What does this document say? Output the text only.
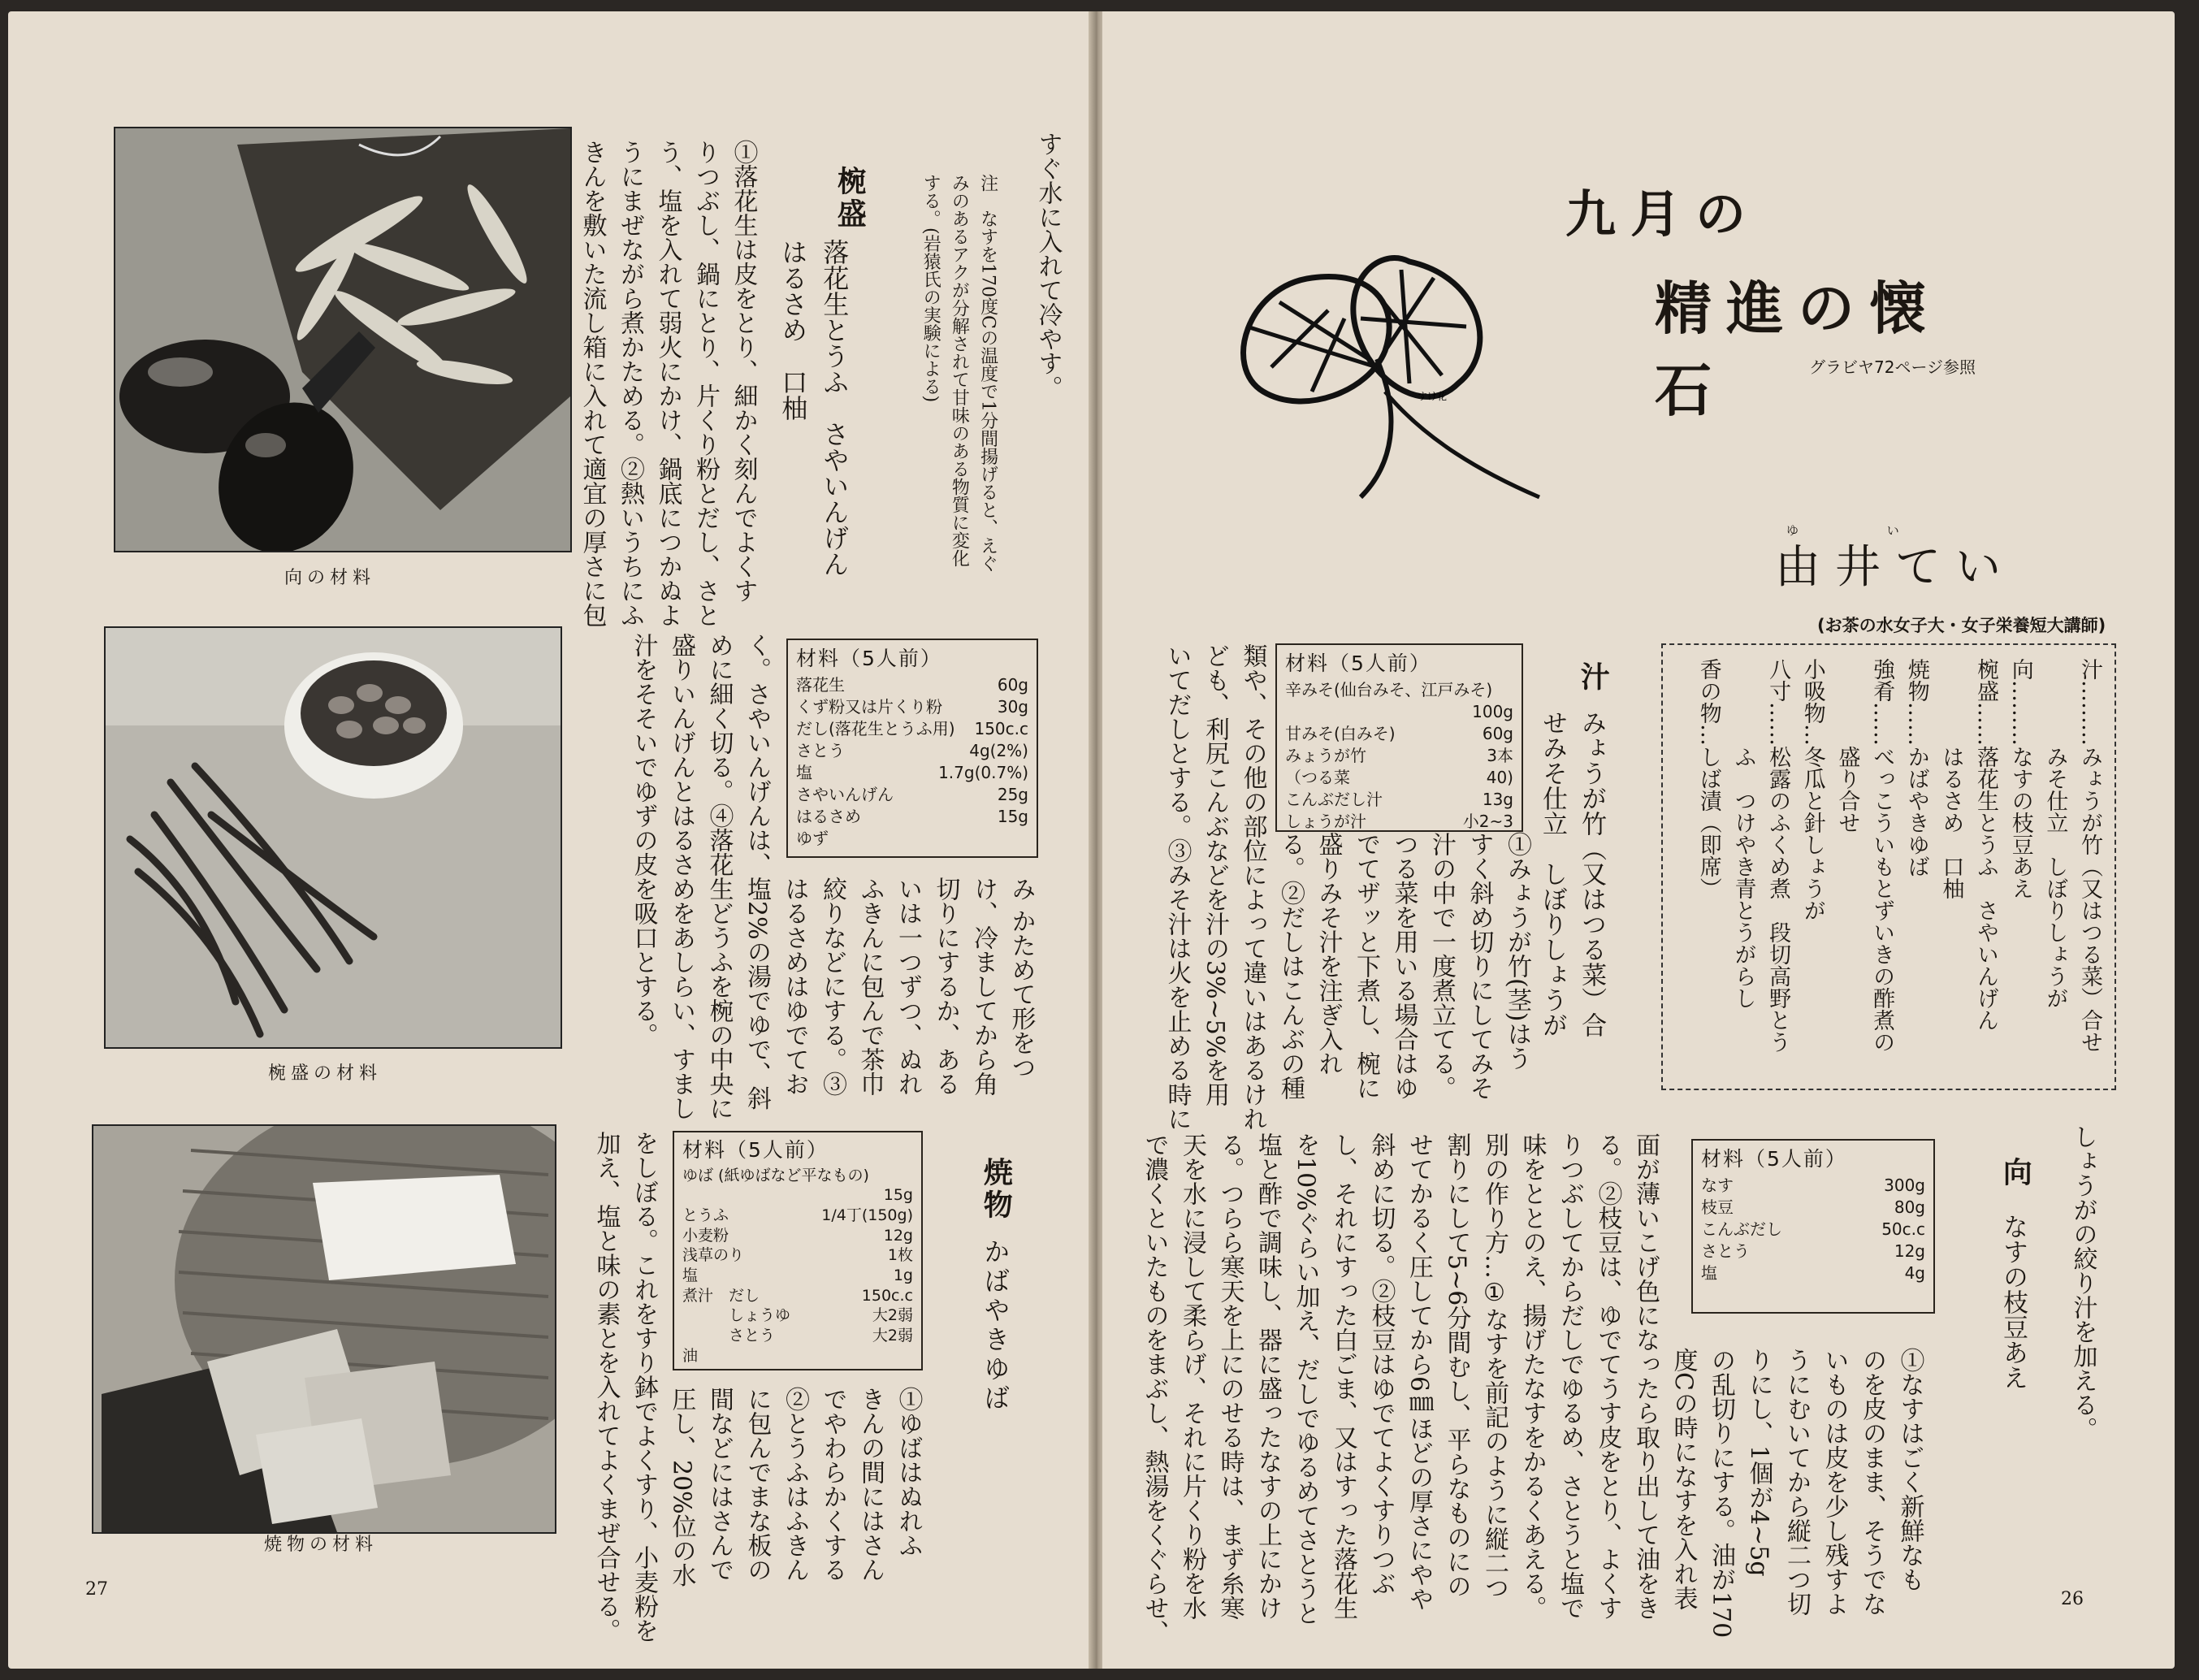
向の材料
椀盛の材料
焼物の材料
すぐ水に入れて冷やす。
注　なすを170度Cの温度で1分間揚げると、えぐ
みのあるアクが分解されて甘味のある物質に変化
する。(岩猿氏の実験による)
椀盛
落花生とうふ　さやいんげん
はるさめ　口柚
①落花生は皮をとり、細かく刻んでよくす
りつぶし、鍋にとり、片くり粉とだし、さと
う、塩を入れて弱火にかけ、鍋底につかぬよ
うにまぜながら煮かためる。②熱いうちにふ
きんを敷いた流し箱に入れて適宜の厚さに包
材料（5人前）
落花生	60g
くず粉又は片くり粉	30g
だし(落花生とうふ用) 150c.c
さとう	4g(2%)
塩	1.7g(0.7%)
さやいんげん	25g
はるさめ	15g
ゆず
み かためて形をつ
け、冷ましてから角
切りにするか、ある
いは一つずつ、ぬれ
ふきんに包んで茶巾
絞りなどにする。③
はるさめはゆでてお
く。さやいんげんは、塩2%の湯でゆで、斜
めに細く切る。④落花生どうふを椀の中央に
盛りいんげんとはるさめをあしらい、すまし
汁をそそいでゆずの皮を吸口とする。
焼物
かばやきゆば
材料（5人前）
ゆば (紙ゆばなど平なもの)
15g
とうふ	1/4丁(150g)
小麦粉	12g
浅草のり	1枚
塩	1g
煮汁　だし	150c.c
　　　しょうゆ	大2弱
　　　さとう	大2弱
油
①ゆばはぬれふ
きんの間にはさん
でやわらかくする
②とうふはふきん
に包んでまな板の
間などにはさんで
圧し、20%位の水
をしぼる。これをすり鉢でよくすり、小麦粉を
加え、塩と味の素とを入れてよくまぜ合せる。
27
すけ花
九月の
精進の懐石	グラビヤ72ページ参照
ゆ い
由井てい
(お茶の水女子大・女子栄養短大講師)
汁………みょうが竹（又はつる菜）合せ
　　　　みそ仕立　しぼりしょうが
向………なすの枝豆あえ
椀盛……落花生とうふ　さやいんげん
　　　　はるさめ　口柚
焼物……かばやきゆば
強肴……べっこういもとずいきの酢煮の
　　　　盛り合せ
小吸物…冬瓜と針しょうが
八寸……松露のふくめ煮　段切高野とう
　　　　ふ　つけやき青とうがらし
香の物…しば漬（即席）
汁
みょうが竹（又はつる菜）合
せみそ仕立　しぼりしょうが
材料（5人前）
辛みそ(仙台みそ、江戸みそ)
100g
甘みそ(白みそ)	60g
みょうが竹	3本
（つる菜	40)
こんぶだし汁	13g
しょうが汁	小2~3
①みょうが竹(茎)はう
すく斜め切りにしてみそ
汁の中で一度煮立てる。
つる菜を用いる場合はゆ
でてザッと下煮し、椀に
盛りみそ汁を注ぎ入れ
る。②だしはこんぶの種
類や、その他の部位によって違いはあるけれ
ども、利尻こんぶなどを汁の3%~5%を用
いてだしとする。③みそ汁は火を止める時に
しょうがの絞り汁を加える。
向
なすの枝豆あえ
材料（5人前）
なす	300g
枝豆	80g
こんぶだし	50c.c
さとう	12g
塩	4g
①なすはごく新鮮なも
のを皮のまま、そうでな
いものは皮を少し残すよ
うにむいてから縦二つ切
りにし、1個が4~5g
の乱切りにする。油が170
度Cの時になすを入れ表
面が薄いこげ色になったら取り出して油をき
る。②枝豆は、ゆでてうす皮をとり、よくす
りつぶしてからだしでゆるめ、さとうと塩で
味をととのえ、揚げたなすをかるくあえる。
別の作り方…①なすを前記のように縦二つ
割りにして5~6分間むし、平らなものにの
せてかるく圧してから6㎜ほどの厚さにやや
斜めに切る。②枝豆はゆでてよくすりつぶ
し、それにすった白ごま、又はすった落花生
を10%ぐらい加え、だしでゆるめてさとうと
塩と酢で調味し、器に盛ったなすの上にかけ
る。つらら寒天を上にのせる時は、まず糸寒
天を水に浸して柔らげ、それに片くり粉を水
で濃くといたものをまぶし、熱湯をくぐらせ、	26
